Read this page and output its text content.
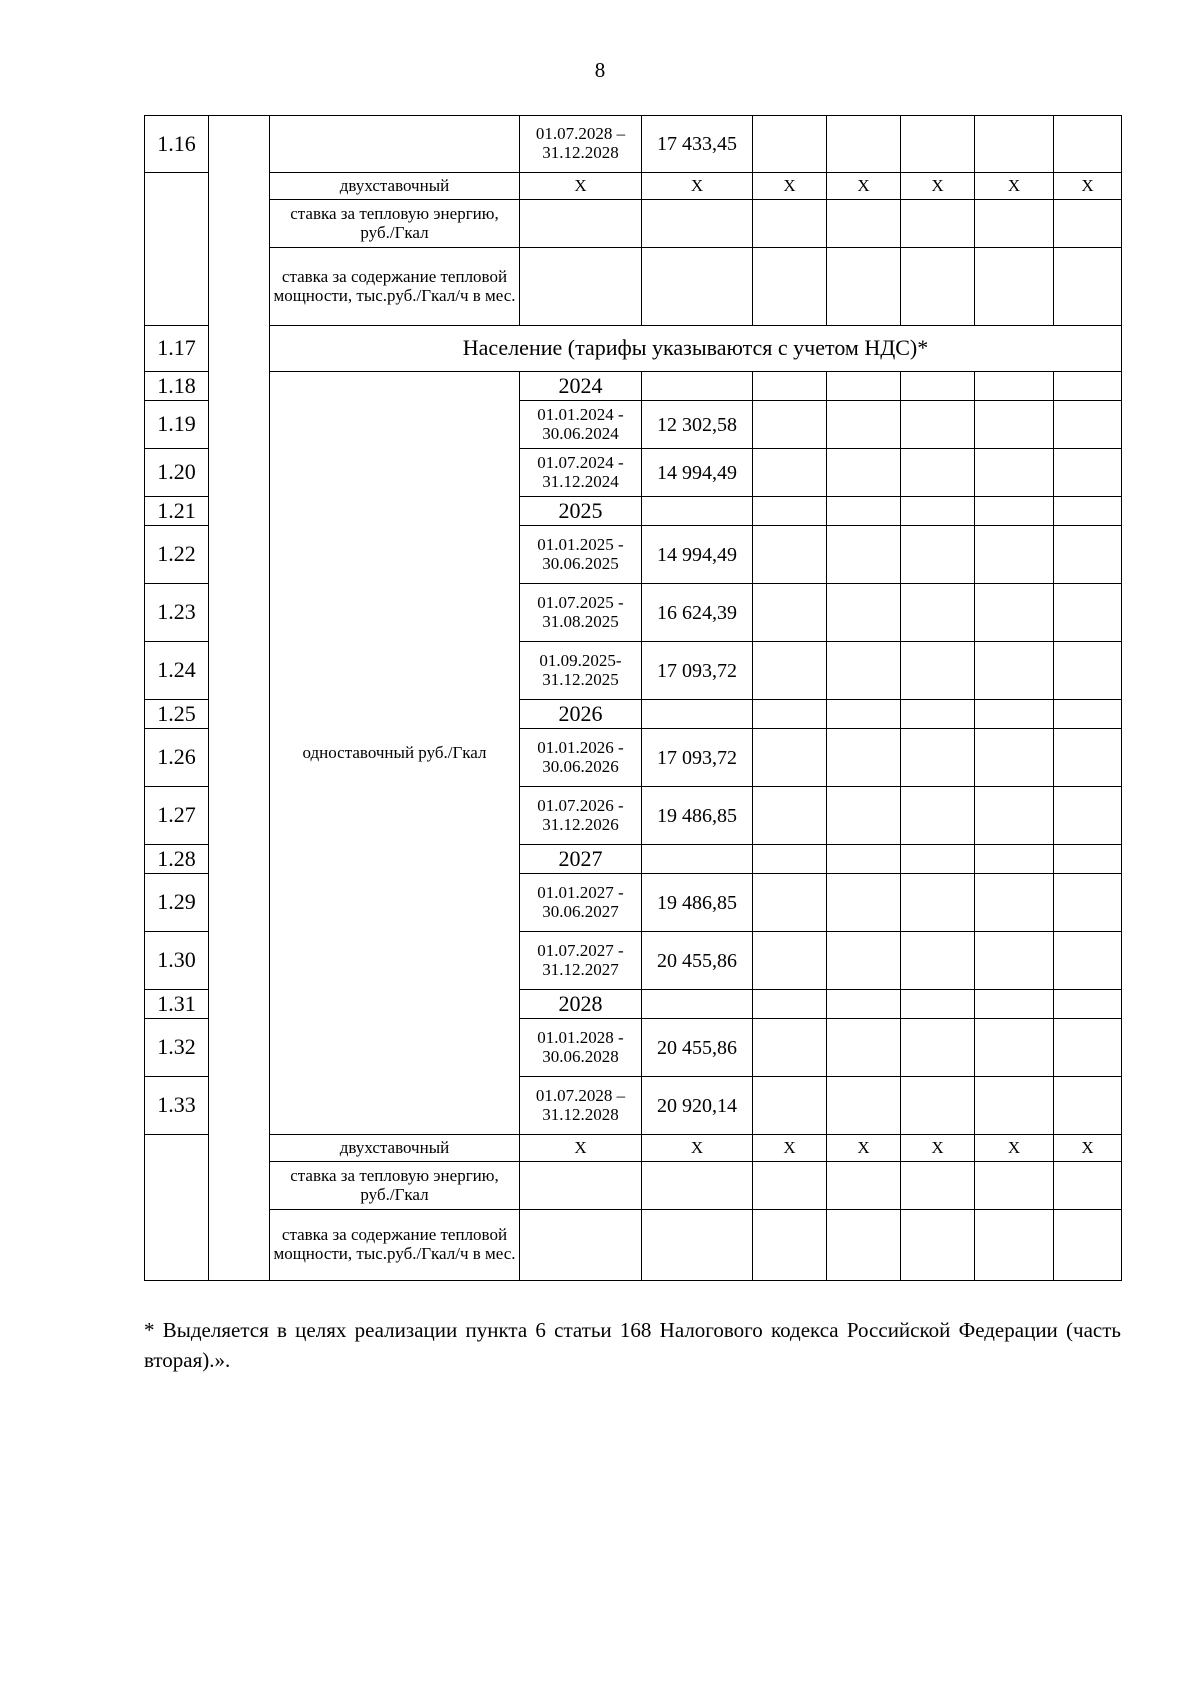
8
1.16			01.07.2028 – 31.12.2028	17 433,45					
		двухставочный	Х	Х	Х	Х	Х	Х	Х
		ставка за тепловую энергию, руб./Гкал							
		ставка за содержание тепловой мощности, тыс.руб./Гкал/ч в мес.							
1.17		Население (тарифы указываются с учетом НДС)*							
1.18		одноставочный руб./Гкал	2024						
1.19			01.01.2024 - 30.06.2024	12 302,58					
1.20			01.07.2024 - 31.12.2024	14 994,49					
1.21			2025						
1.22			01.01.2025 - 30.06.2025	14 994,49					
1.23			01.07.2025 - 31.08.2025	16 624,39					
1.24			01.09.2025- 31.12.2025	17 093,72					
1.25			2026						
1.26			01.01.2026 - 30.06.2026	17 093,72					
1.27			01.07.2026 - 31.12.2026	19 486,85					
1.28			2027						
1.29			01.01.2027 - 30.06.2027	19 486,85					
1.30			01.07.2027 - 31.12.2027	20 455,86					
1.31			2028						
1.32			01.01.2028 - 30.06.2028	20 455,86					
1.33			01.07.2028 – 31.12.2028	20 920,14					
		двухставочный	Х	Х	Х	Х	Х	Х	Х
		ставка за тепловую энергию, руб./Гкал							
		ставка за содержание тепловой мощности, тыс.руб./Гкал/ч в мес.							
* Выделяется в целях реализации пункта 6 статьи 168 Налогового кодекса Российской Федерации (часть вторая).».
